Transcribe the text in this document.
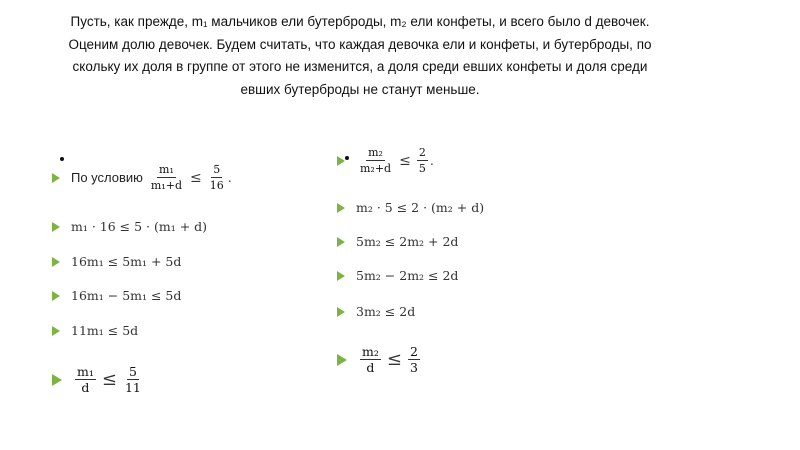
Пусть, как прежде, m₁ мальчиков ели бутерброды, m₂ ели конфеты, и всего было d девочек.

Оценим долю девочек. Будем считать, что каждая девочка ели и конфеты, и бутерброды, по

скольку их доля в группе от этого не изменится, а доля среди евших конфеты и доля среди

евших бутерброды не станут меньше.

По условию $\frac{\text{m₁}}{\text{m₁+d}} \le \frac{5}{16}$ .
m₁ · 16 ≤ 5 · (m₁ + d)
16m₁ ≤ 5m₁ + 5d
16m₁ − 5m₁ ≤ 5d
11m₁ ≤ 5d
$\frac{\text{m₁}}{d} \le \frac{5}{11}$
$\frac{\text{m₂}}{\text{m₂+d}} \le \frac{2}{5}$ .
m₂ · 5 ≤ 2 · (m₂ + d)
5m₂ ≤ 2m₂ + 2d
5m₂ − 2m₂ ≤ 2d
3m₂ ≤ 2d
$\frac{\text{m₂}}{d} \le \frac{2}{3}$
